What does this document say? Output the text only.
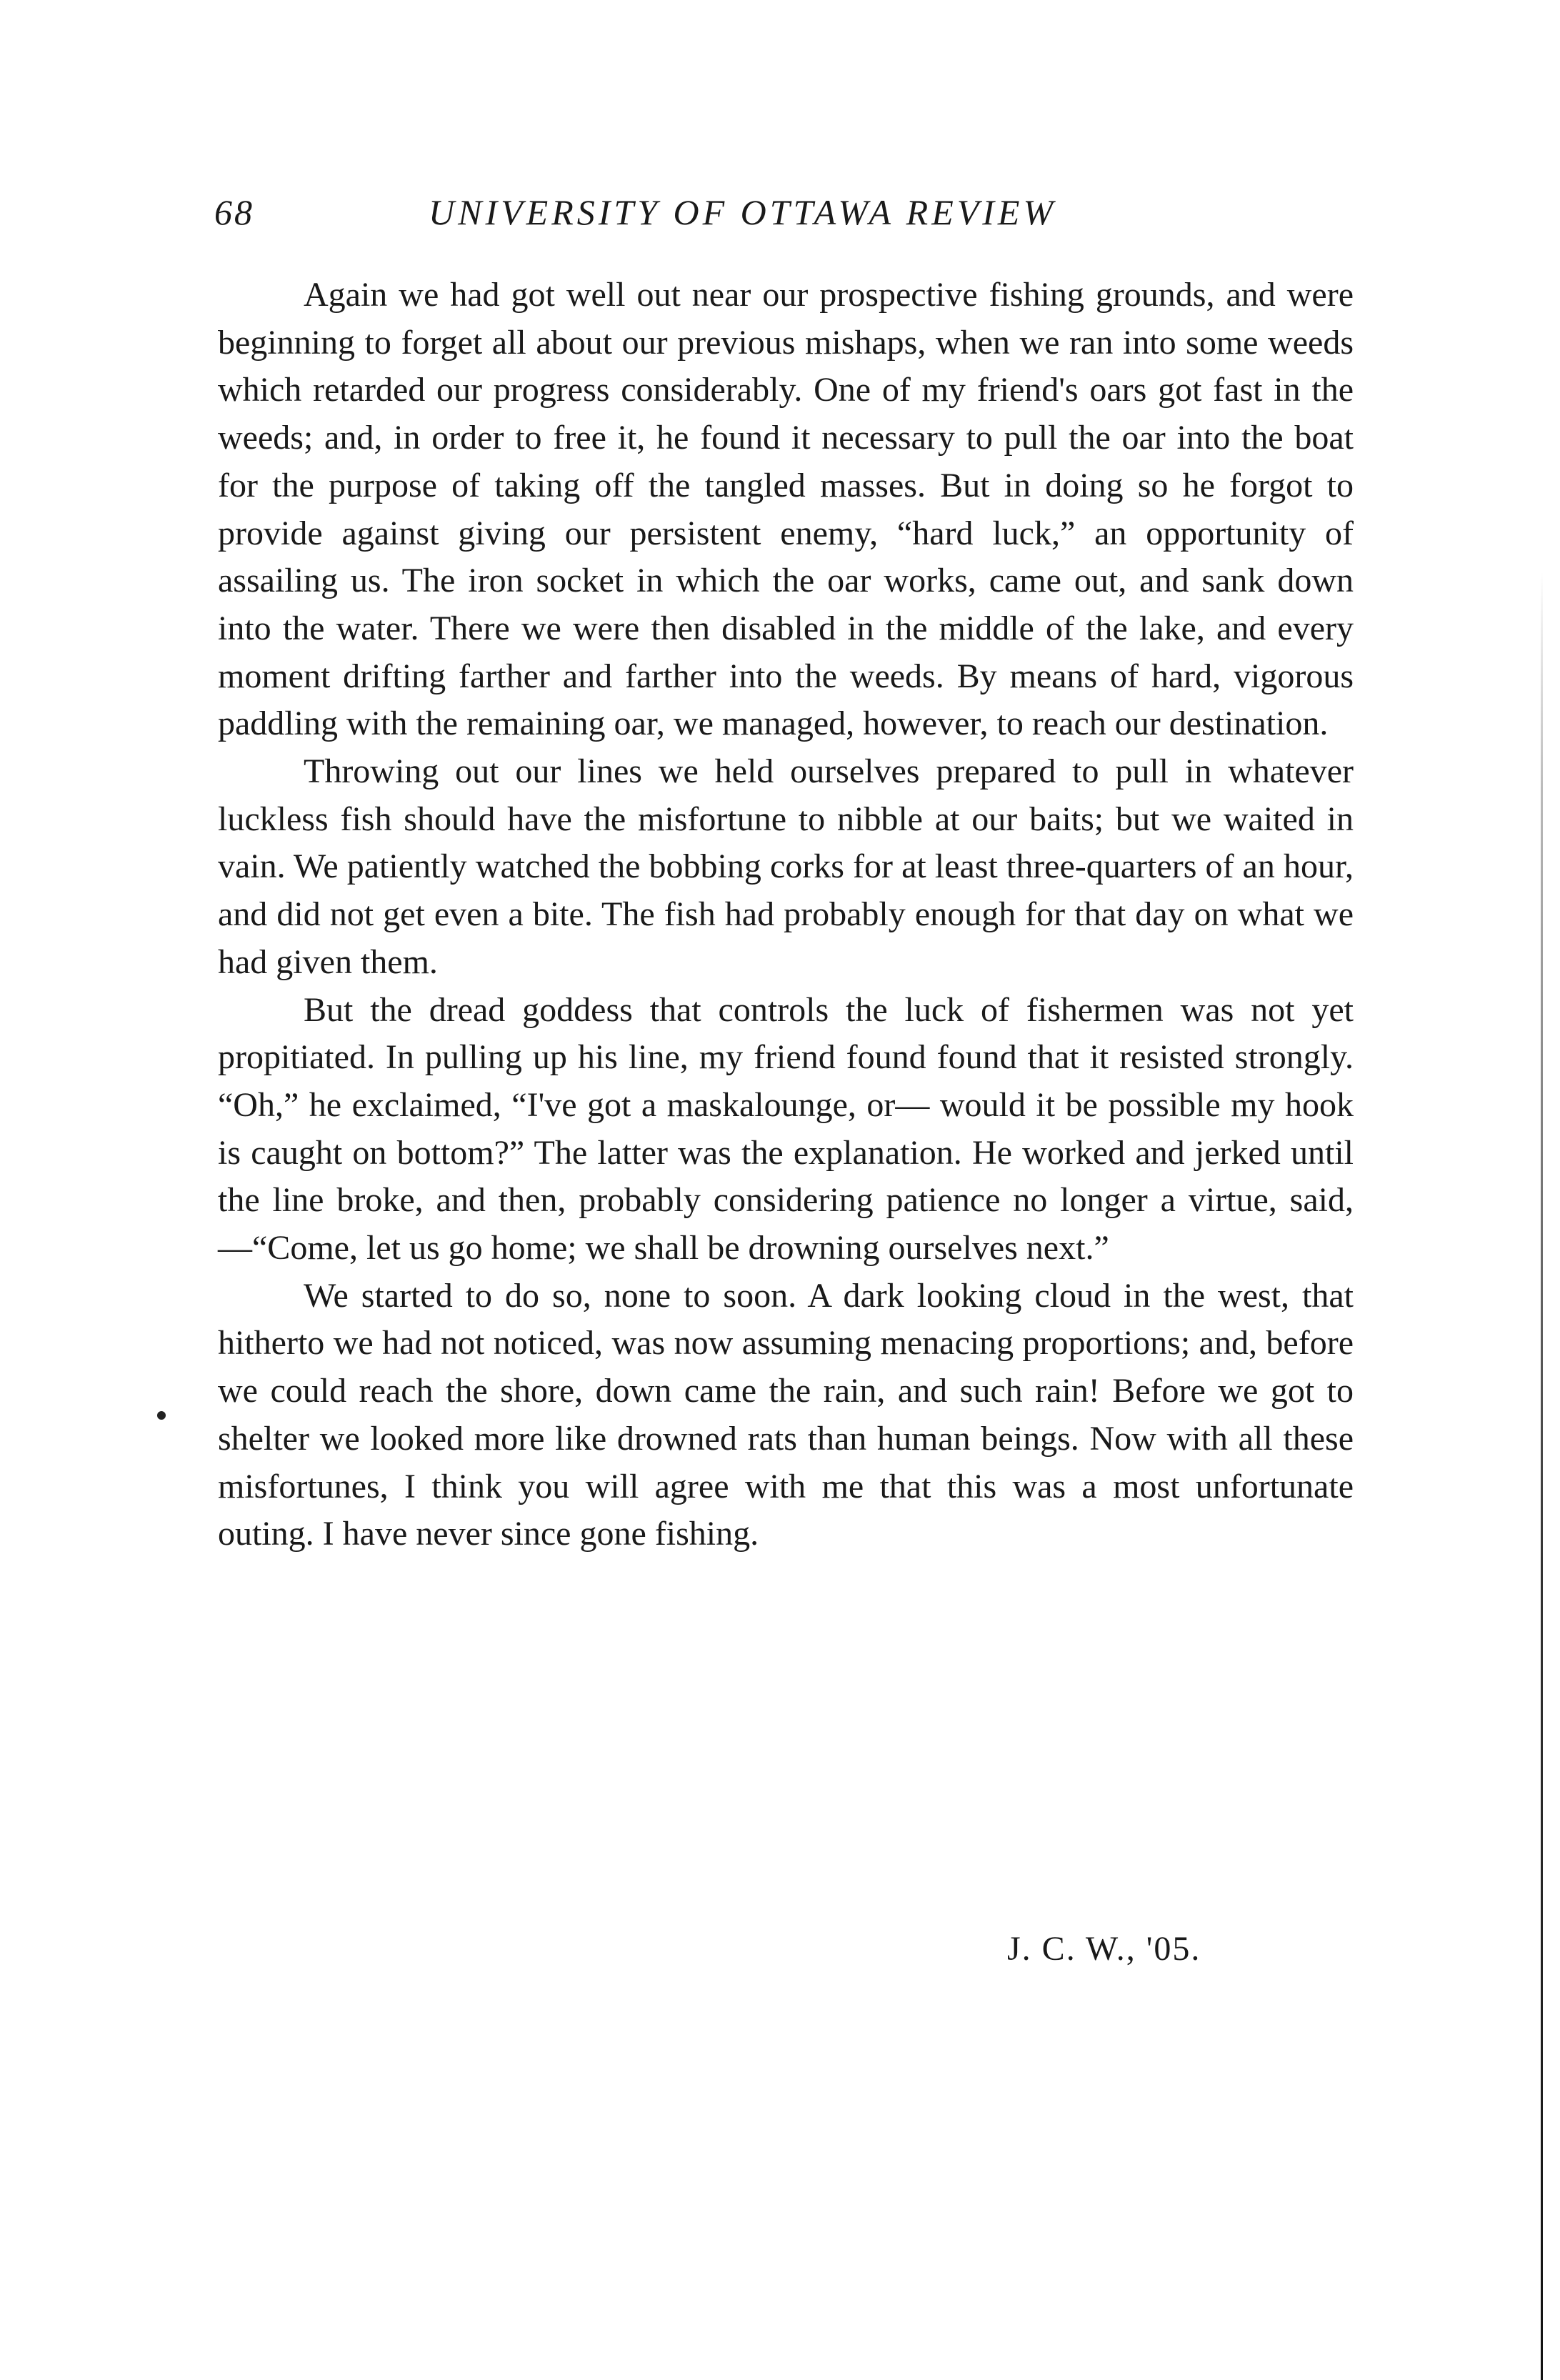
68	UNIVERSITY OF OTTAWA REVIEW

Again we had got well out near our prospective fishing grounds, and were beginning to forget all about our previous mishaps, when we ran into some weeds which retarded our progress considerably. One of my friend's oars got fast in the weeds; and, in order to free it, he found it necessary to pull the oar into the boat for the purpose of taking off the tangled masses. But in doing so he forgot to provide against giving our persistent enemy, “hard luck,” an opportunity of assailing us. The iron socket in which the oar works, came out, and sank down into the water. There we were then disabled in the middle of the lake, and every moment drifting farther and farther into the weeds. By means of hard, vigorous paddling with the remaining oar, we managed, however, to reach our destination.

Throwing out our lines we held ourselves prepared to pull in whatever luckless fish should have the misfortune to nibble at our baits; but we waited in vain. We patiently watched the bobbing corks for at least three-quarters of an hour, and did not get even a bite. The fish had probably enough for that day on what we had given them.

But the dread goddess that controls the luck of fishermen was not yet propitiated. In pulling up his line, my friend found found that it resisted strongly. “Oh,” he exclaimed, “I've got a maskalounge, or— would it be possible my hook is caught on bottom?” The latter was the explanation. He worked and jerked until the line broke, and then, probably considering patience no longer a virtue, said,—“Come, let us go home; we shall be drowning ourselves next.”

We started to do so, none to soon. A dark looking cloud in the west, that hitherto we had not noticed, was now assuming menacing proportions; and, before we could reach the shore, down came the rain, and such rain! Before we got to shelter we looked more like drowned rats than human beings. Now with all these misfortunes, I think you will agree with me that this was a most unfortunate outing. I have never since gone fishing.

J. C. W., '05.
